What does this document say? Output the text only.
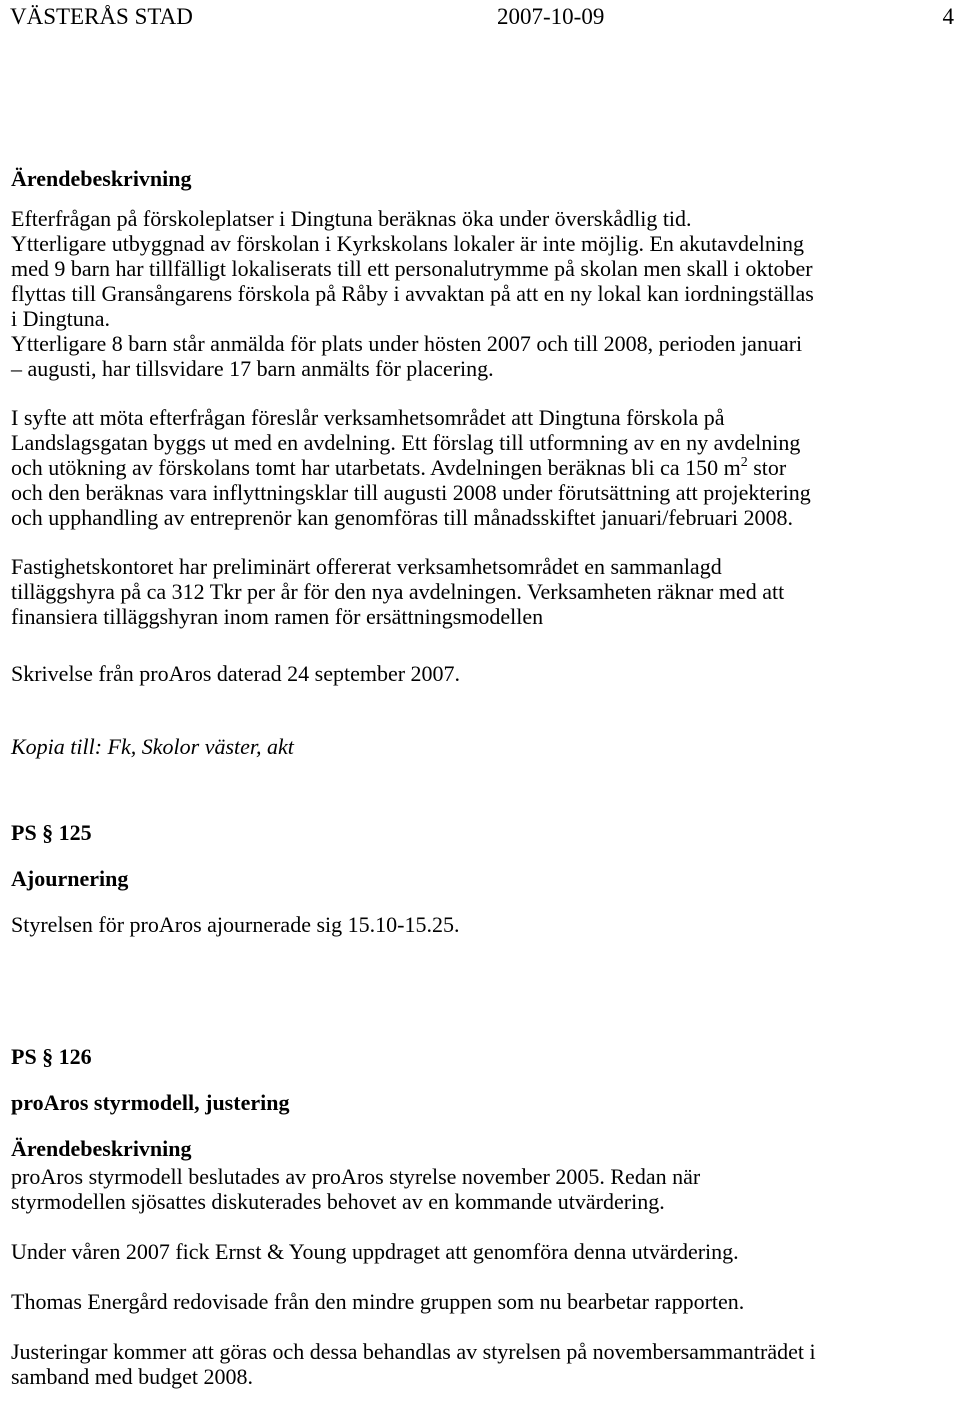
VÄSTERÅS STAD	2007-10-09	4

Ärendebeskrivning

Efterfrågan på förskoleplatser i Dingtuna beräknas öka under överskådlig tid.
Ytterligare utbyggnad av förskolan i Kyrkskolans lokaler är inte möjlig. En akutavdelning
med 9 barn har tillfälligt lokaliserats till ett personalutrymme på skolan men skall i oktober
flyttas till Gransångarens förskola på Råby i avvaktan på att en ny lokal kan iordningställas
i Dingtuna.

Ytterligare 8 barn står anmälda för plats under hösten 2007 och till 2008, perioden januari
– augusti, har tillsvidare 17 barn anmälts för placering.

I syfte att möta efterfrågan föreslår verksamhetsområdet att Dingtuna förskola på
Landslagsgatan byggs ut med en avdelning. Ett förslag till utformning av en ny avdelning
och utökning av förskolans tomt har utarbetats. Avdelningen beräknas bli ca 150 $m^2$ stor
och den beräknas vara inflyttningsklar till augusti 2008 under förutsättning att projektering
och upphandling av entreprenör kan genomföras till månadsskiftet januari/februari 2008.

Fastighetskontoret har preliminärt offererat verksamhetsområdet en sammanlagd
tilläggshyra på ca 312 Tkr per år för den nya avdelningen. Verksamheten räknar med att
finansiera tilläggshyran inom ramen för ersättningsmodellen

Skrivelse från proAros daterad 24 september 2007.

Kopia till: Fk, Skolor väster, akt

PS § 125

Ajournering

Styrelsen för proAros ajournerade sig 15.10-15.25.

PS § 126

proAros styrmodell, justering

Ärendebeskrivning

proAros styrmodell beslutades av proAros styrelse november 2005. Redan när
styrmodellen sjösattes diskuterades behovet av en kommande utvärdering.

Under våren 2007 fick Ernst & Young uppdraget att genomföra denna utvärdering.

Thomas Energård redovisade från den mindre gruppen som nu bearbetar rapporten.

Justeringar kommer att göras och dessa behandlas av styrelsen på novembersammanträdet i
samband med budget 2008.
